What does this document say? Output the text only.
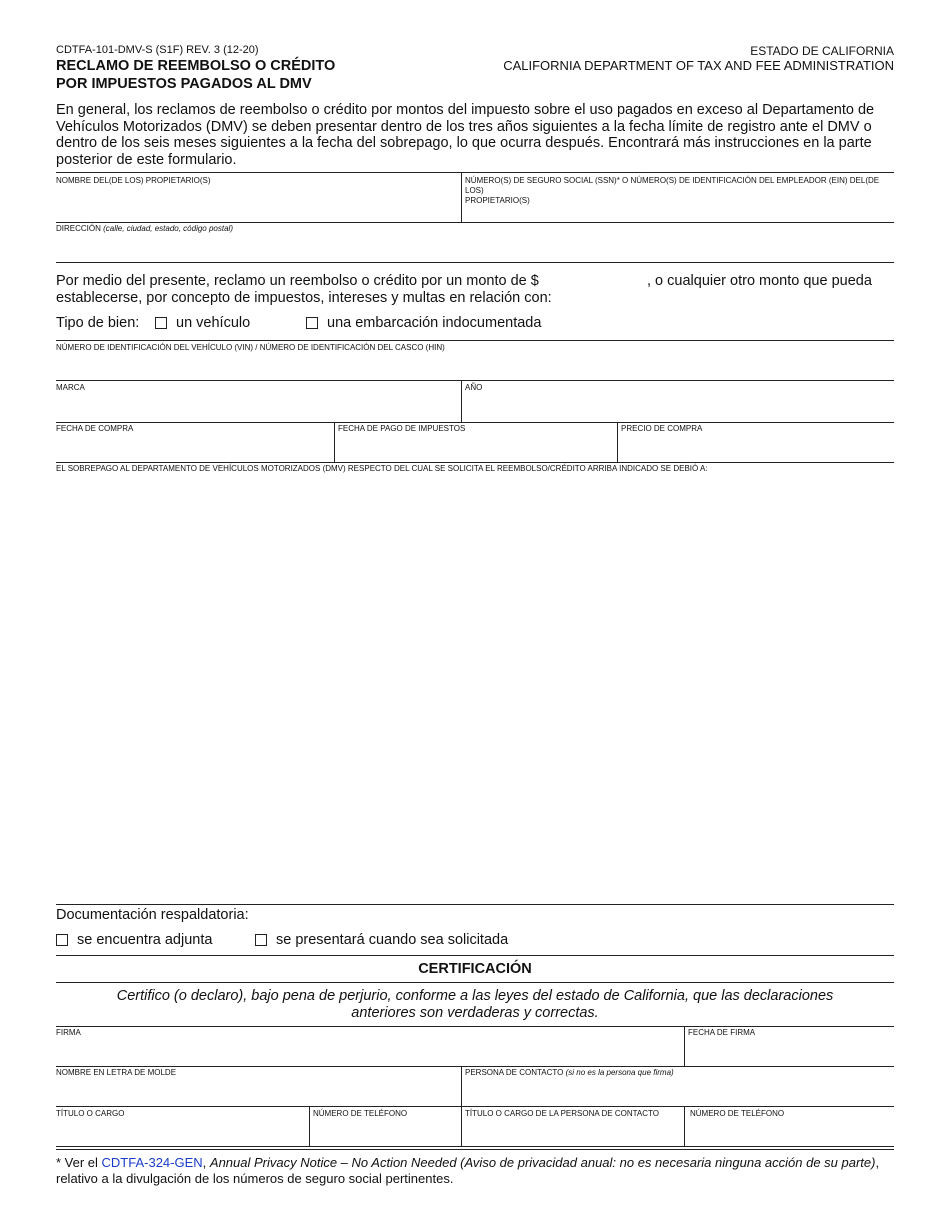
CDTFA-101-DMV-S (S1F) REV. 3 (12-20)
RECLAMO DE REEMBOLSO O CRÉDITO
POR IMPUESTOS PAGADOS AL DMV
ESTADO DE CALIFORNIA
CALIFORNIA DEPARTMENT OF TAX AND FEE ADMINISTRATION
En general, los reclamos de reembolso o crédito por montos del impuesto sobre el uso pagados en exceso al Departamento de
Vehículos Motorizados (DMV) se deben presentar dentro de los tres años siguientes a la fecha límite de registro ante el DMV o
dentro de los seis meses siguientes a la fecha del sobrepago, lo que ocurra después. Encontrará más instrucciones en la parte
posterior de este formulario.
NOMBRE DEL(DE LOS) PROPIETARIO(S)	NÚMERO(S) DE SEGURO SOCIAL (SSN)* O NÚMERO(S) DE IDENTIFICACIÓN DEL EMPLEADOR (EIN) DEL(DE LOS)
PROPIETARIO(S)
DIRECCIÓN (calle, ciudad, estado, código postal)
Por medio del presente, reclamo un reembolso o crédito por un monto de $	, o cualquier otro monto que pueda
establecerse, por concepto de impuestos, intereses y multas en relación con:
Tipo de bien:	un vehículo	una embarcación indocumentada
NÚMERO DE IDENTIFICACIÓN DEL VEHÍCULO (VIN) / NÚMERO DE IDENTIFICACIÓN DEL CASCO (HIN)
MARCA	AÑO
FECHA DE COMPRA	FECHA DE PAGO DE IMPUESTOS	PRECIO DE COMPRA
EL SOBREPAGO AL DEPARTAMENTO DE VEHÍCULOS MOTORIZADOS (DMV) RESPECTO DEL CUAL SE SOLICITA EL REEMBOLSO/CRÉDITO ARRIBA INDICADO SE DEBIÓ A:
Documentación respaldatoria:
se encuentra adjunta	se presentará cuando sea solicitada
CERTIFICACIÓN
Certifico (o declaro), bajo pena de perjurio, conforme a las leyes del estado de California, que las declaraciones
anteriores son verdaderas y correctas.
FIRMA	FECHA DE FIRMA
NOMBRE EN LETRA DE MOLDE	PERSONA DE CONTACTO (si no es la persona que firma)
TÍTULO O CARGO	NÚMERO DE TELÉFONO	TÍTULO O CARGO DE LA PERSONA DE CONTACTO	NÚMERO DE TELÉFONO
* Ver el CDTFA-324-GEN, Annual Privacy Notice – No Action Needed (Aviso de privacidad anual: no es necesaria ninguna acción de su parte),
relativo a la divulgación de los números de seguro social pertinentes.
